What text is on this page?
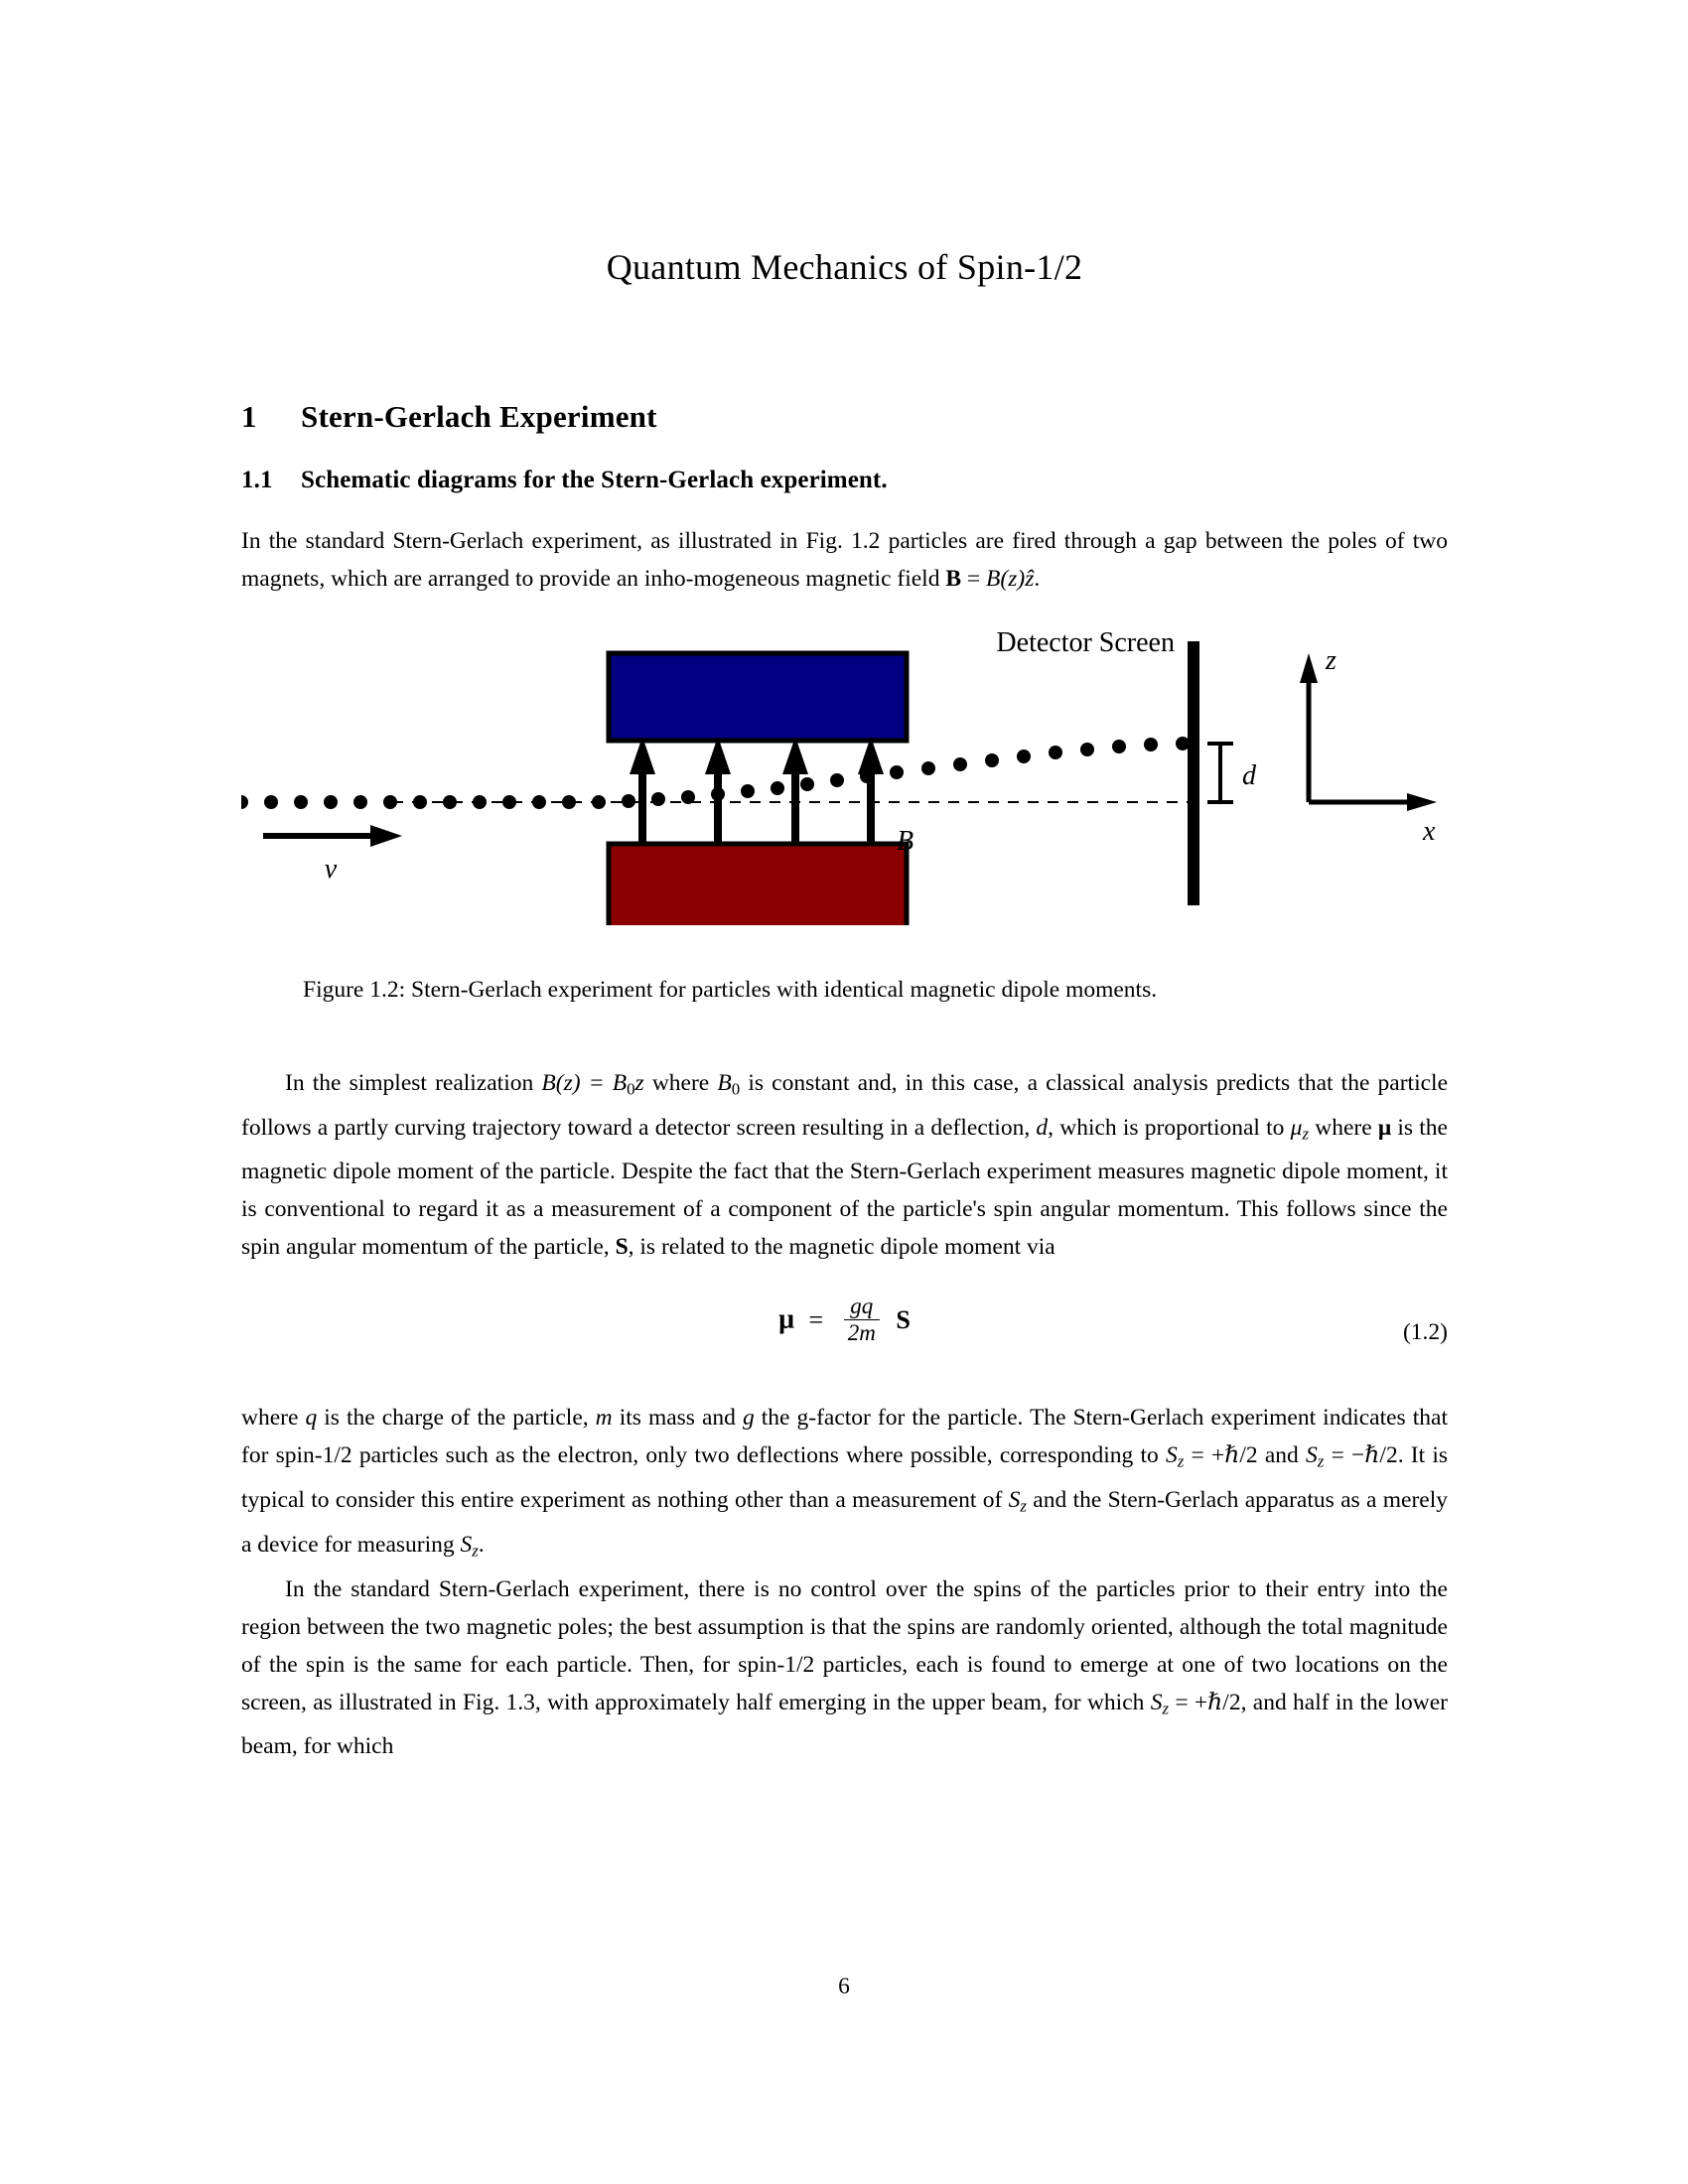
Quantum Mechanics of Spin-1/2
1 Stern-Gerlach Experiment
1.1 Schematic diagrams for the Stern-Gerlach experiment.

In the standard Stern-Gerlach experiment, as illustrated in Fig. 1.2 particles are fired through a gap between the poles of two magnets, which are arranged to provide an inho-mogeneous magnetic field B = B(z)ẑ.

v
B
Detector Screen
d
z
x
Figure 1.2: Stern-Gerlach experiment for particles with identical magnetic dipole moments.

In the simplest realization $B(z) = B_0z$ where $B_0$ is constant and, in this case, a classical analysis predicts that the particle follows a partly curving trajectory toward a detector screen resulting in a deflection, d, which is proportional to $\mu_z$ where μ is the magnetic dipole moment of the particle. Despite the fact that the Stern-Gerlach experiment measures magnetic dipole moment, it is conventional to regard it as a measurement of a component of the particle's spin angular momentum. This follows since the spin angular momentum of the particle, S, is related to the magnetic dipole moment via

$\mu = \frac{gq}{2m}$ S	(1.2)

where q is the charge of the particle, m its mass and g the g-factor for the particle. The Stern-Gerlach experiment indicates that for spin-1/2 particles such as the electron, only two deflections where possible, corresponding to $S_z$ = +ℏ/2 and $S_z$ = −ℏ/2. It is typical to consider this entire experiment as nothing other than a measurement of $S_z$ and the Stern-Gerlach apparatus as a merely a device for measuring $S_z$.

In the standard Stern-Gerlach experiment, there is no control over the spins of the particles prior to their entry into the region between the two magnetic poles; the best assumption is that the spins are randomly oriented, although the total magnitude of the spin is the same for each particle. Then, for spin-1/2 particles, each is found to emerge at one of two locations on the screen, as illustrated in Fig. 1.3, with approximately half emerging in the upper beam, for which $S_z$ = +ℏ/2, and half in the lower beam, for which

6
